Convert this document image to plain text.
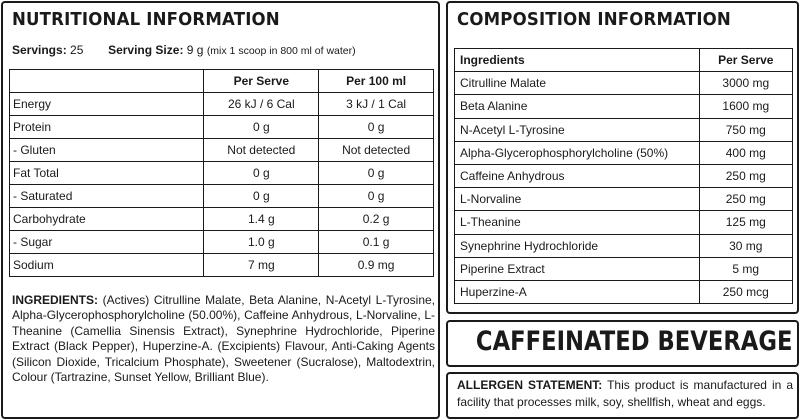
NUTRITIONAL INFORMATION
Servings: 25 Serving Size: 9 g (mix 1 scoop in 800 ml of water)
	Per Serve	Per 100 ml
Energy	26 kJ / 6 Cal	3 kJ / 1 Cal
Protein	0 g	0 g
- Gluten	Not detected	Not detected
Fat Total	0 g	0 g
- Saturated	0 g	0 g
Carbohydrate	1.4 g	0.2 g
- Sugar	1.0 g	0.1 g
Sodium	7 mg	0.9 mg
INGREDIENTS: (Actives) Citrulline Malate, Beta Alanine, N-Acetyl L-Tyrosine, Alpha-Glycerophosphorylcholine (50.00%), Caffeine Anhydrous, L-Norvaline, L-Theanine (Camellia Sinensis Extract), Synephrine Hydrochloride, Piperine Extract (Black Pepper), Huperzine-A. (Excipients) Flavour, Anti-Caking Agents (Silicon Dioxide, Tricalcium Phosphate), Sweetener (Sucralose), Maltodextrin, Colour (Tartrazine, Sunset Yellow, Brilliant Blue).
COMPOSITION INFORMATION
Ingredients	Per Serve
Citrulline Malate	3000 mg
Beta Alanine	1600 mg
N-Acetyl L-Tyrosine	750 mg
Alpha-Glycerophosphorylcholine (50%)	400 mg
Caffeine Anhydrous	250 mg
L-Norvaline	250 mg
L-Theanine	125 mg
Synephrine Hydrochloride	30 mg
Piperine Extract	5 mg
Huperzine-A	250 mcg
CAFFEINATED BEVERAGE
ALLERGEN STATEMENT: This product is manufactured in a facility that processes milk, soy, shellfish, wheat and eggs.
